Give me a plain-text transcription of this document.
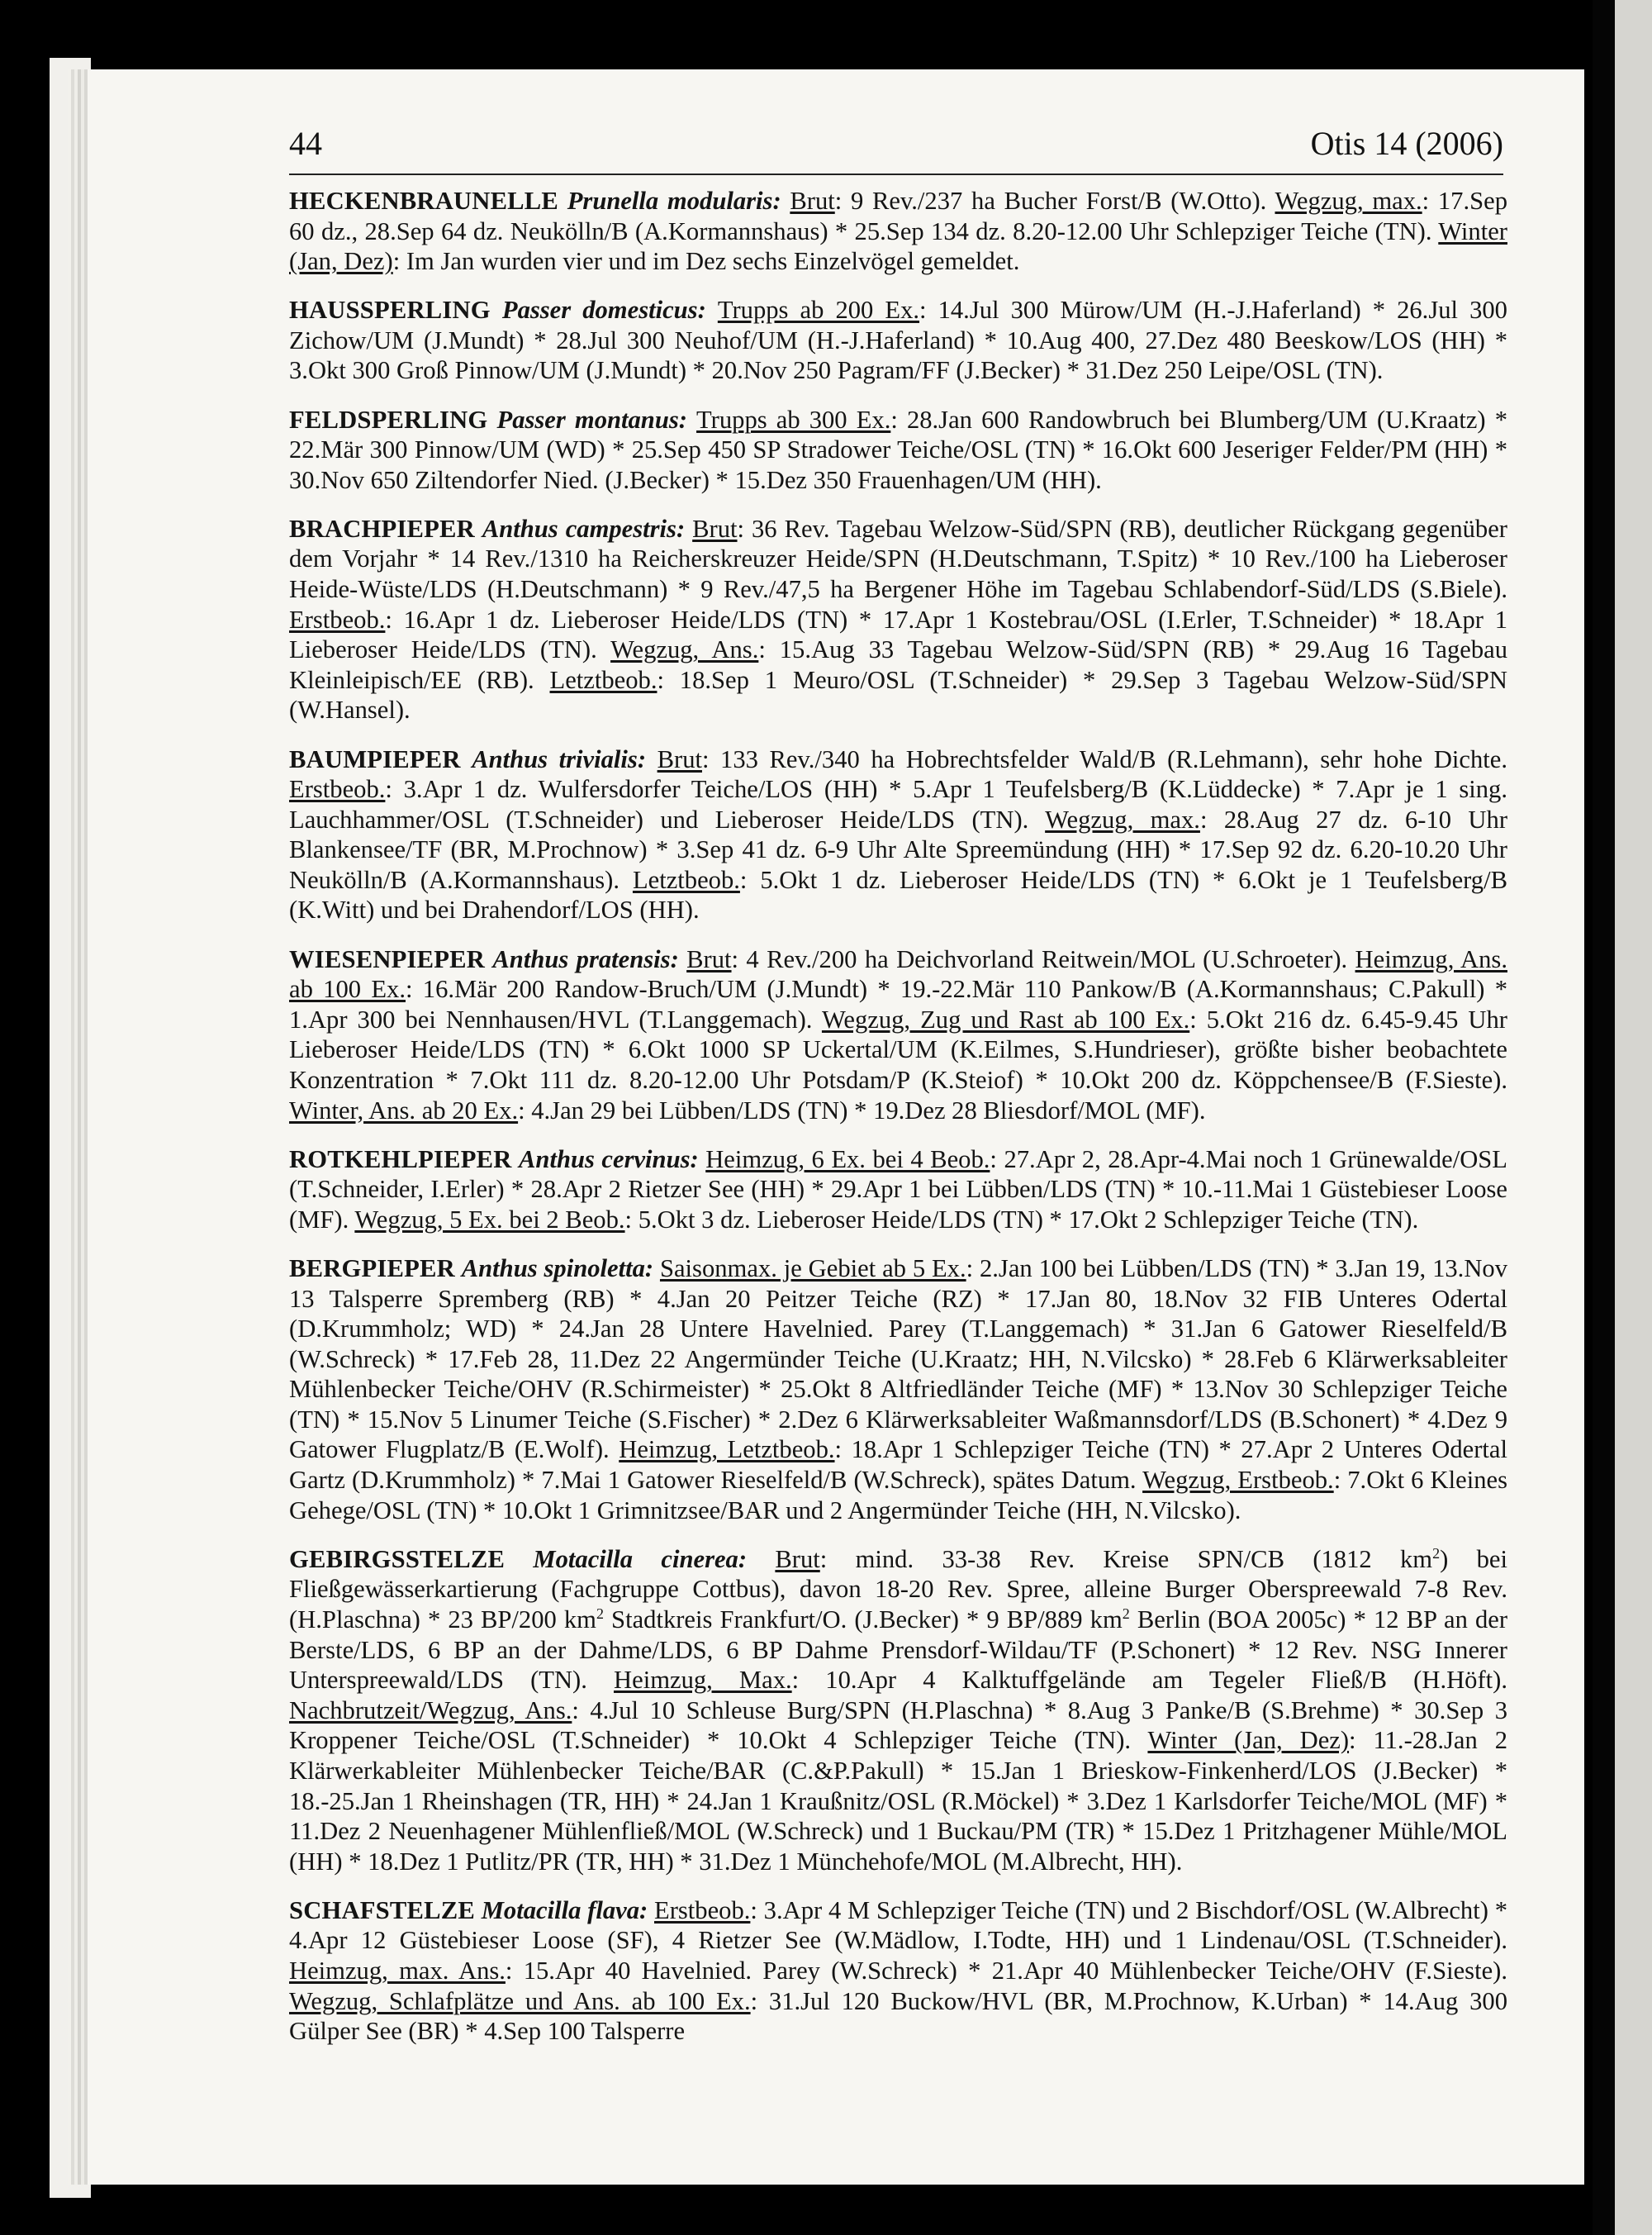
44	Otis 14 (2006)

HECKENBRAUNELLE Prunella modularis: Brut: 9 Rev./237 ha Bucher Forst/B (W.Otto). Wegzug, max.: 17.Sep 60 dz., 28.Sep 64 dz. Neukölln/B (A.Kormannshaus) * 25.Sep 134 dz. 8.20-12.00 Uhr Schlepziger Teiche (TN). Winter (Jan, Dez): Im Jan wurden vier und im Dez sechs Einzelvögel gemeldet.

HAUSSPERLING Passer domesticus: Trupps ab 200 Ex.: 14.Jul 300 Mürow/UM (H.-J.Haferland) * 26.Jul 300 Zichow/UM (J.Mundt) * 28.Jul 300 Neuhof/UM (H.-J.Haferland) * 10.Aug 400, 27.Dez 480 Beeskow/LOS (HH) * 3.Okt 300 Groß Pinnow/UM (J.Mundt) * 20.Nov 250 Pagram/FF (J.Becker) * 31.Dez 250 Leipe/OSL (TN).

FELDSPERLING Passer montanus: Trupps ab 300 Ex.: 28.Jan 600 Randowbruch bei Blumberg/UM (U.Kraatz) * 22.Mär 300 Pinnow/UM (WD) * 25.Sep 450 SP Stradower Teiche/OSL (TN) * 16.Okt 600 Jeseriger Felder/PM (HH) * 30.Nov 650 Ziltendorfer Nied. (J.Becker) * 15.Dez 350 Frauenhagen/UM (HH).

BRACHPIEPER Anthus campestris: Brut: 36 Rev. Tagebau Welzow-Süd/SPN (RB), deutlicher Rückgang gegenüber dem Vorjahr * 14 Rev./1310 ha Reicherskreuzer Heide/SPN (H.Deutschmann, T.Spitz) * 10 Rev./100 ha Lieberoser Heide-Wüste/LDS (H.Deutschmann) * 9 Rev./47,5 ha Bergener Höhe im Tagebau Schlabendorf-Süd/LDS (S.Biele). Erstbeob.: 16.Apr 1 dz. Lieberoser Heide/LDS (TN) * 17.Apr 1 Kostebrau/OSL (I.Erler, T.Schneider) * 18.Apr 1 Lieberoser Heide/LDS (TN). Wegzug, Ans.: 15.Aug 33 Tagebau Welzow-Süd/SPN (RB) * 29.Aug 16 Tagebau Kleinleipisch/EE (RB). Letztbeob.: 18.Sep 1 Meuro/OSL (T.Schneider) * 29.Sep 3 Tagebau Welzow-Süd/SPN (W.Hansel).

BAUMPIEPER Anthus trivialis: Brut: 133 Rev./340 ha Hobrechtsfelder Wald/B (R.Lehmann), sehr hohe Dichte. Erstbeob.: 3.Apr 1 dz. Wulfersdorfer Teiche/LOS (HH) * 5.Apr 1 Teufelsberg/B (K.Lüddecke) * 7.Apr je 1 sing. Lauchhammer/OSL (T.Schneider) und Lieberoser Heide/LDS (TN). Wegzug, max.: 28.Aug 27 dz. 6-10 Uhr Blankensee/TF (BR, M.Prochnow) * 3.Sep 41 dz. 6-9 Uhr Alte Spreemündung (HH) * 17.Sep 92 dz. 6.20-10.20 Uhr Neukölln/B (A.Kormannshaus). Letztbeob.: 5.Okt 1 dz. Lieberoser Heide/LDS (TN) * 6.Okt je 1 Teufelsberg/B (K.Witt) und bei Drahendorf/LOS (HH).

WIESENPIEPER Anthus pratensis: Brut: 4 Rev./200 ha Deichvorland Reitwein/MOL (U.Schroeter). Heimzug, Ans. ab 100 Ex.: 16.Mär 200 Randow-Bruch/UM (J.Mundt) * 19.-22.Mär 110 Pankow/B (A.Kormannshaus; C.Pakull) * 1.Apr 300 bei Nennhausen/HVL (T.Langgemach). Wegzug, Zug und Rast ab 100 Ex.: 5.Okt 216 dz. 6.45-9.45 Uhr Lieberoser Heide/LDS (TN) * 6.Okt 1000 SP Uckertal/UM (K.Eilmes, S.Hundrieser), größte bisher beobachtete Konzentration * 7.Okt 111 dz. 8.20-12.00 Uhr Potsdam/P (K.Steiof) * 10.Okt 200 dz. Köppchensee/B (F.Sieste). Winter, Ans. ab 20 Ex.: 4.Jan 29 bei Lübben/LDS (TN) * 19.Dez 28 Bliesdorf/MOL (MF).

ROTKEHLPIEPER Anthus cervinus: Heimzug, 6 Ex. bei 4 Beob.: 27.Apr 2, 28.Apr-4.Mai noch 1 Grünewalde/OSL (T.Schneider, I.Erler) * 28.Apr 2 Rietzer See (HH) * 29.Apr 1 bei Lübben/LDS (TN) * 10.-11.Mai 1 Güstebieser Loose (MF). Wegzug, 5 Ex. bei 2 Beob.: 5.Okt 3 dz. Lieberoser Heide/LDS (TN) * 17.Okt 2 Schlepziger Teiche (TN).

BERGPIEPER Anthus spinoletta: Saisonmax. je Gebiet ab 5 Ex.: 2.Jan 100 bei Lübben/LDS (TN) * 3.Jan 19, 13.Nov 13 Talsperre Spremberg (RB) * 4.Jan 20 Peitzer Teiche (RZ) * 17.Jan 80, 18.Nov 32 FIB Unteres Odertal (D.Krummholz; WD) * 24.Jan 28 Untere Havelnied. Parey (T.Langgemach) * 31.Jan 6 Gatower Rieselfeld/B (W.Schreck) * 17.Feb 28, 11.Dez 22 Angermünder Teiche (U.Kraatz; HH, N.Vilcsko) * 28.Feb 6 Klärwerksableiter Mühlenbecker Teiche/OHV (R.Schirmeister) * 25.Okt 8 Altfriedländer Teiche (MF) * 13.Nov 30 Schlepziger Teiche (TN) * 15.Nov 5 Linumer Teiche (S.Fischer) * 2.Dez 6 Klärwerksableiter Waßmannsdorf/LDS (B.Schonert) * 4.Dez 9 Gatower Flugplatz/B (E.Wolf). Heimzug, Letztbeob.: 18.Apr 1 Schlepziger Teiche (TN) * 27.Apr 2 Unteres Odertal Gartz (D.Krummholz) * 7.Mai 1 Gatower Rieselfeld/B (W.Schreck), spätes Datum. Wegzug, Erstbeob.: 7.Okt 6 Kleines Gehege/OSL (TN) * 10.Okt 1 Grimnitzsee/BAR und 2 Angermünder Teiche (HH, N.Vilcsko).

GEBIRGSSTELZE Motacilla cinerea: Brut: mind. 33-38 Rev. Kreise SPN/CB (1812 $km^2$) bei Fließgewässerkartierung (Fachgruppe Cottbus), davon 18-20 Rev. Spree, alleine Burger Oberspreewald 7-8 Rev. (H.Plaschna) * 23 BP/200 $km^2$ Stadtkreis Frankfurt/O. (J.Becker) * 9 BP/889 $km^2$ Berlin (BOA 2005c) * 12 BP an der Berste/LDS, 6 BP an der Dahme/LDS, 6 BP Dahme Prensdorf-Wildau/TF (P.Schonert) * 12 Rev. NSG Innerer Unterspreewald/LDS (TN). Heimzug, Max.: 10.Apr 4 Kalktuffgelände am Tegeler Fließ/B (H.Höft). Nachbrutzeit/Wegzug, Ans.: 4.Jul 10 Schleuse Burg/SPN (H.Plaschna) * 8.Aug 3 Panke/B (S.Brehme) * 30.Sep 3 Kroppener Teiche/OSL (T.Schneider) * 10.Okt 4 Schlepziger Teiche (TN). Winter (Jan, Dez): 11.-28.Jan 2 Klärwerkableiter Mühlenbecker Teiche/BAR (C.&P.Pakull) * 15.Jan 1 Brieskow-Finkenherd/LOS (J.Becker) * 18.-25.Jan 1 Rheinshagen (TR, HH) * 24.Jan 1 Kraußnitz/OSL (R.Möckel) * 3.Dez 1 Karlsdorfer Teiche/MOL (MF) * 11.Dez 2 Neuenhagener Mühlenfließ/MOL (W.Schreck) und 1 Buckau/PM (TR) * 15.Dez 1 Pritzhagener Mühle/MOL (HH) * 18.Dez 1 Putlitz/PR (TR, HH) * 31.Dez 1 Münchehofe/MOL (M.Albrecht, HH).

SCHAFSTELZE Motacilla flava: Erstbeob.: 3.Apr 4 M Schlepziger Teiche (TN) und 2 Bischdorf/OSL (W.Albrecht) * 4.Apr 12 Güstebieser Loose (SF), 4 Rietzer See (W.Mädlow, I.Todte, HH) und 1 Lindenau/OSL (T.Schneider). Heimzug, max. Ans.: 15.Apr 40 Havelnied. Parey (W.Schreck) * 21.Apr 40 Mühlenbecker Teiche/OHV (F.Sieste). Wegzug, Schlafplätze und Ans. ab 100 Ex.: 31.Jul 120 Buckow/HVL (BR, M.Prochnow, K.Urban) * 14.Aug 300 Gülper See (BR) * 4.Sep 100 Talsperre
